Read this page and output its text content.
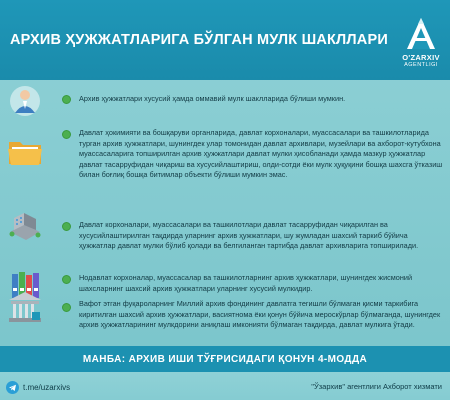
АРХИВ ҲУЖЖАТЛАРИГА БЎЛГАН МУЛК ШАКЛЛАРИ
O'ZARXIV
AGENTLIGI
Архив ҳужжатлари хусусий ҳамда оммавий мулк шаклларида бўлиши мумкин.
Давлат ҳокимияти ва бошқаруви органларида, давлат корхоналари, муассасалари ва ташкилотларида турган архив ҳужжатлари, шунингдек улар томонидан давлат архивлари, музейлари ва ахборот-кутубхона муассасаларига топширилган архив ҳужжатлари давлат мулки ҳисобланади ҳамда мазкур ҳужжатлар давлат тасарруфидан чиқариш ва хусусийлаштириш, олди-сотди ёки мулк ҳуқуқини бошқа шахсга ўтказиш билан боғлиқ бошқа битимлар объекти бўлиши мумкин эмас.
Давлат корхоналари, муассасалари ва ташкилотлари давлат тасарруфидан чиқарилган ва хусусийлаштирилган тақдирда уларнинг архив ҳужжатлари, шу жумладан шахсий таркиб бўйича ҳужжатлар давлат мулки бўлиб қолади ва белгиланган тартибда давлат архивларига топширилади.
Нодавлат корхоналар, муассасалар ва ташкилотларнинг архив ҳужжатлари, шунингдек жисмоний шахсларнинг шахсий архив ҳужжатлари уларнинг хусусий мулкидир.
Вафот этган фуқароларнинг Миллий архив фондининг давлатга тегишли бўлмаган қисми таркибига киритилган шахсий архив ҳужжатлари, васиятнома ёки қонун бўйича мероскўрлар бўлмаганда, шунингдек архив ҳужжатларининг мулкдорини аниқлаш имконияти бўлмаган тақдирда, давлат мулкига ўтади.
МАНБА: АРХИВ ИШИ ТЎҒРИСИДАГИ ҚОНУН 4-МОДДА
t.me/uzarxivs	"Ўзархив" агентлиги Ахборот хизмати
